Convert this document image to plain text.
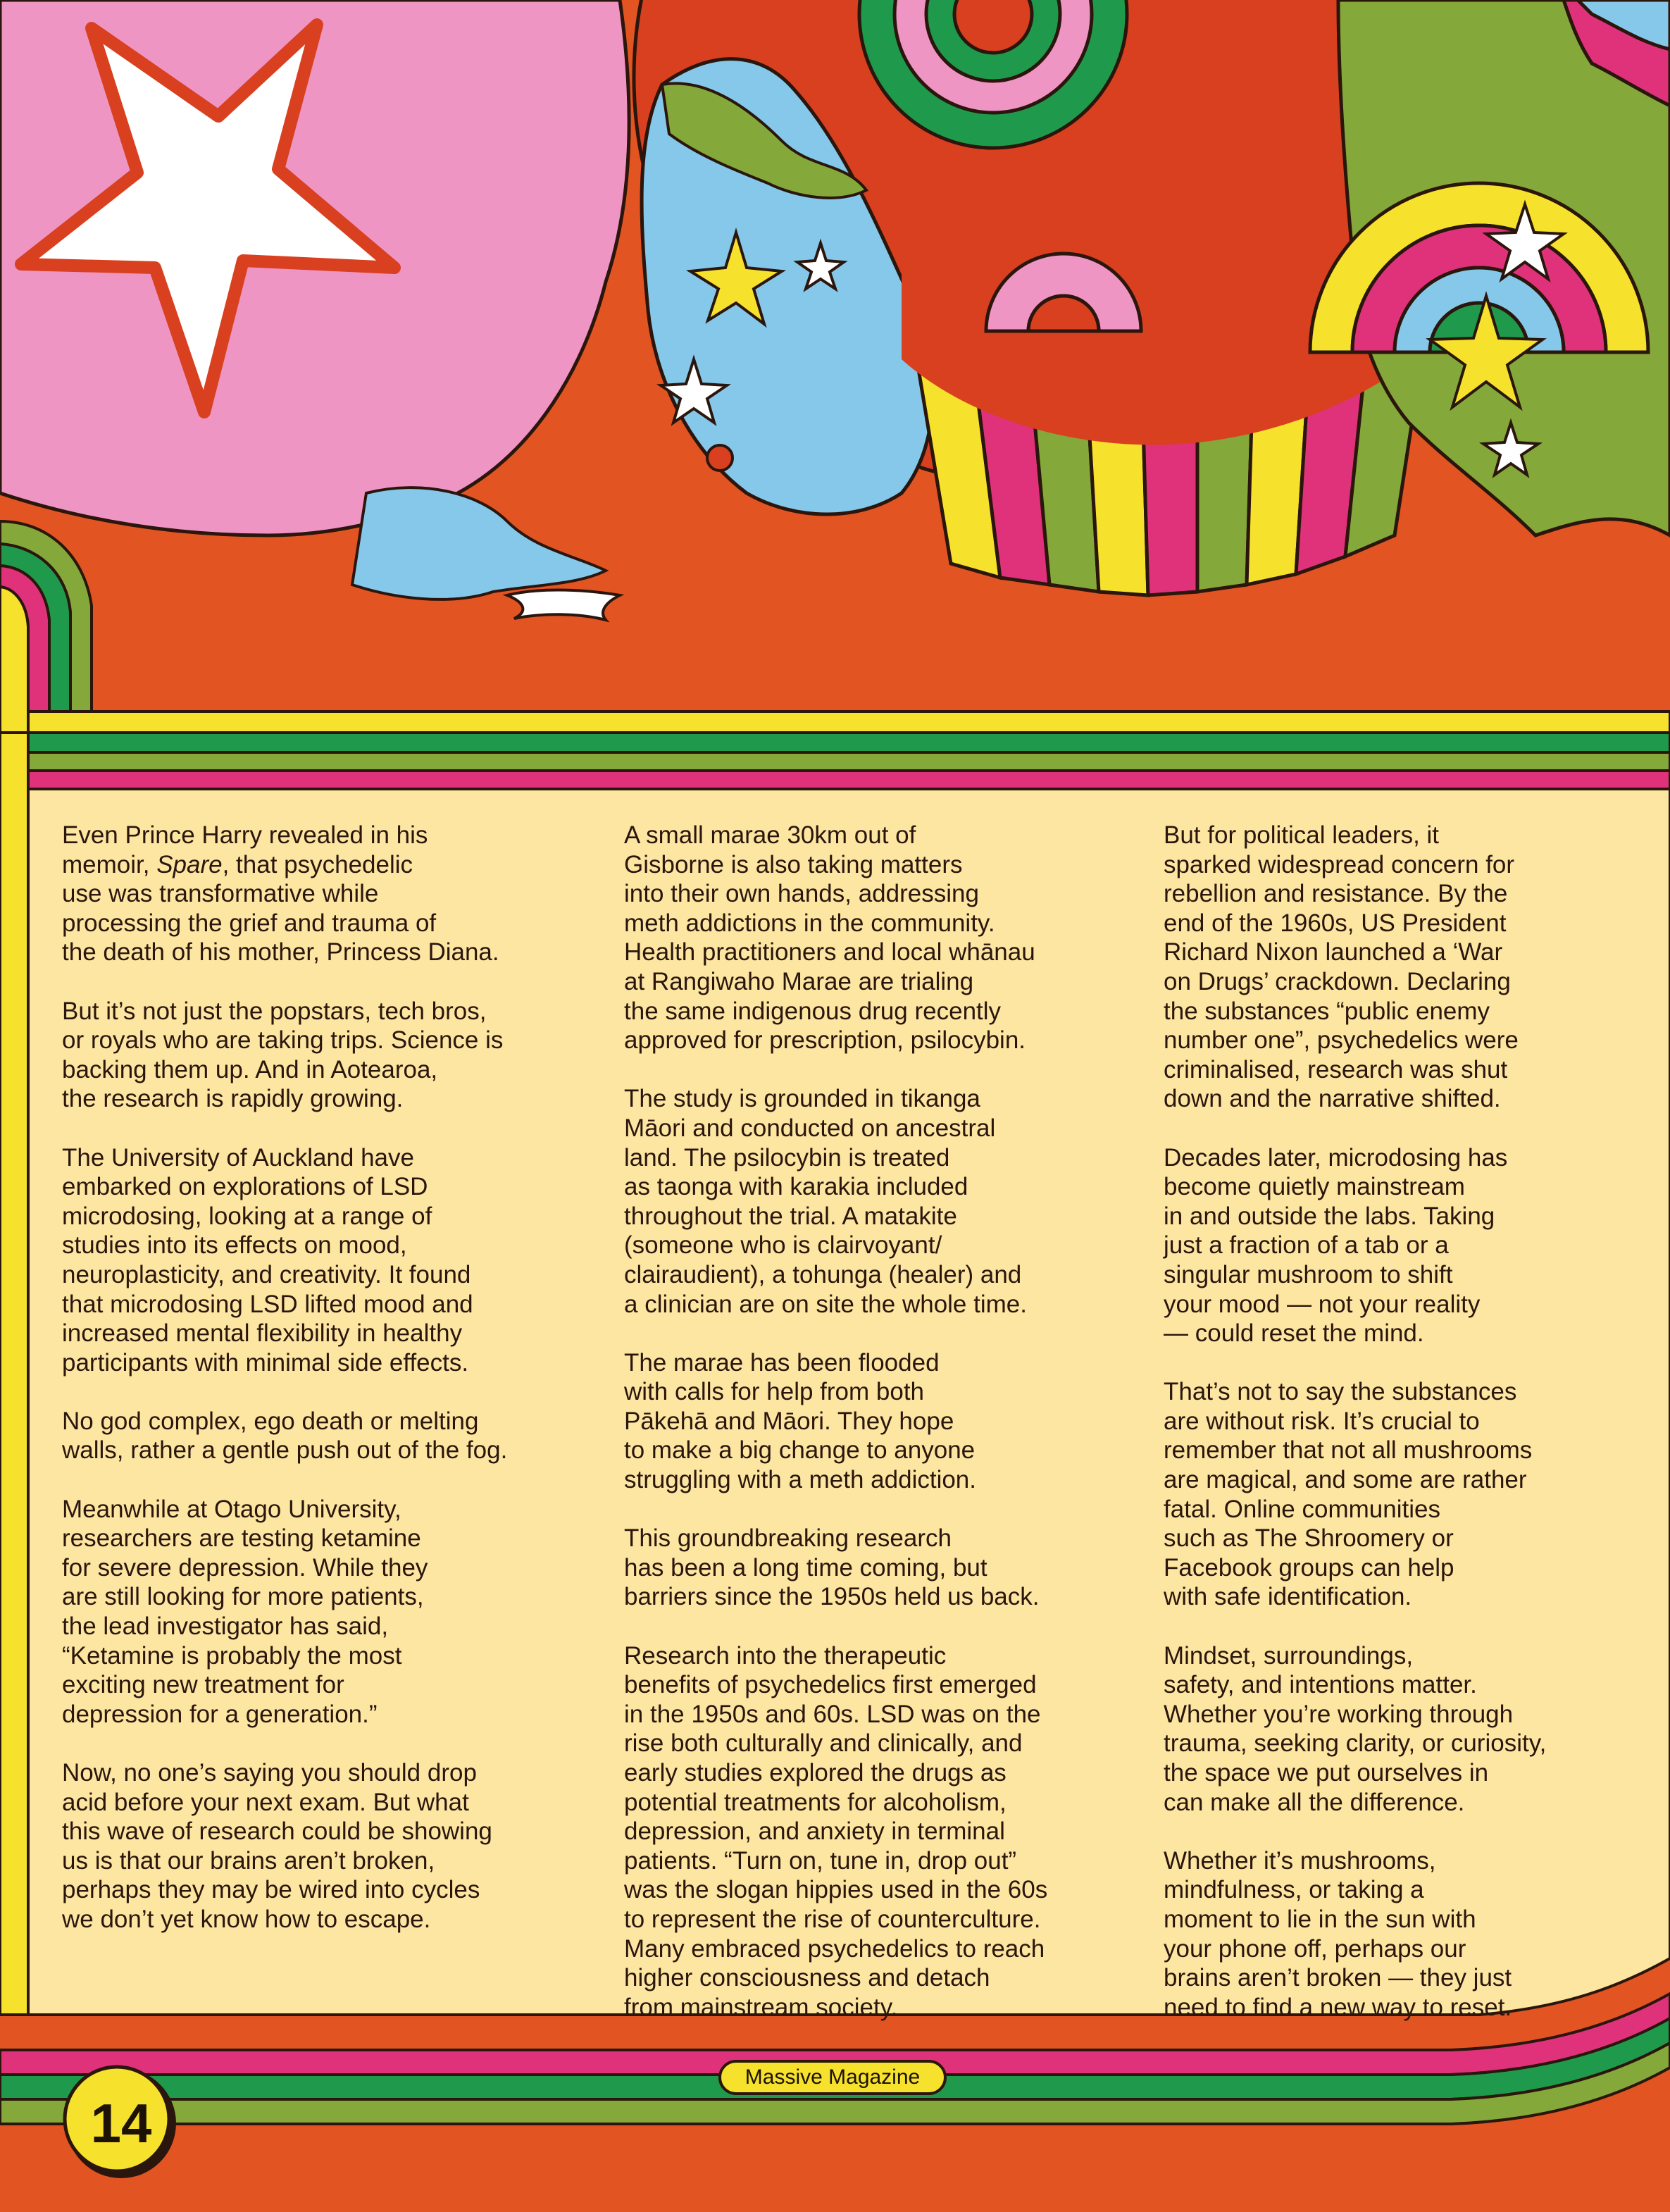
Even Prince Harry revealed in his
memoir, Spare, that psychedelic
use was transformative while
processing the grief and trauma of
the death of his mother, Princess Diana.

But it’s not just the popstars, tech bros,
or royals who are taking trips. Science is
backing them up. And in Aotearoa,
the research is rapidly growing.

The University of Auckland have
embarked on explorations of LSD
microdosing, looking at a range of
studies into its effects on mood,
neuroplasticity, and creativity. It found
that microdosing LSD lifted mood and
increased mental flexibility in healthy
participants with minimal side effects.

No god complex, ego death or melting
walls, rather a gentle push out of the fog.

Meanwhile at Otago University,
researchers are testing ketamine
for severe depression. While they
are still looking for more patients,
the lead investigator has said,
“Ketamine is probably the most
exciting new treatment for
depression for a generation.”

Now, no one’s saying you should drop
acid before your next exam. But what
this wave of research could be showing
us is that our brains aren’t broken,
perhaps they may be wired into cycles
we don’t yet know how to escape.

A small marae 30km out of
Gisborne is also taking matters
into their own hands, addressing
meth addictions in the community.
Health practitioners and local whānau
at Rangiwaho Marae are trialing
the same indigenous drug recently
approved for prescription, psilocybin.

The study is grounded in tikanga
Māori and conducted on ancestral
land. The psilocybin is treated
as taonga with karakia included
throughout the trial. A matakite
(someone who is clairvoyant/
clairaudient), a tohunga (healer) and
a clinician are on site the whole time.

The marae has been flooded
with calls for help from both
Pākehā and Māori. They hope
to make a big change to anyone
struggling with a meth addiction.

This groundbreaking research
has been a long time coming, but
barriers since the 1950s held us back.

Research into the therapeutic
benefits of psychedelics first emerged
in the 1950s and 60s. LSD was on the
rise both culturally and clinically, and
early studies explored the drugs as
potential treatments for alcoholism,
depression, and anxiety in terminal
patients. “Turn on, tune in, drop out”
was the slogan hippies used in the 60s
to represent the rise of counterculture.
Many embraced psychedelics to reach
higher consciousness and detach
from mainstream society.

But for political leaders, it
sparked widespread concern for
rebellion and resistance. By the
end of the 1960s, US President
Richard Nixon launched a ‘War
on Drugs’ crackdown. Declaring
the substances “public enemy
number one”, psychedelics were
criminalised, research was shut
down and the narrative shifted.

Decades later, microdosing has
become quietly mainstream
in and outside the labs. Taking
just a fraction of a tab or a
singular mushroom to shift
your mood — not your reality
— could reset the mind.

That’s not to say the substances
are without risk. It’s crucial to
remember that not all mushrooms
are magical, and some are rather
fatal. Online communities
such as The Shroomery or
Facebook groups can help
with safe identification.

Mindset, surroundings,
safety, and intentions matter.
Whether you’re working through
trauma, seeking clarity, or curiosity,
the space we put ourselves in
can make all the difference.

Whether it’s mushrooms,
mindfulness, or taking a
moment to lie in the sun with
your phone off, perhaps our
brains aren’t broken — they just
need to find a new way to reset.

14
Massive Magazine
